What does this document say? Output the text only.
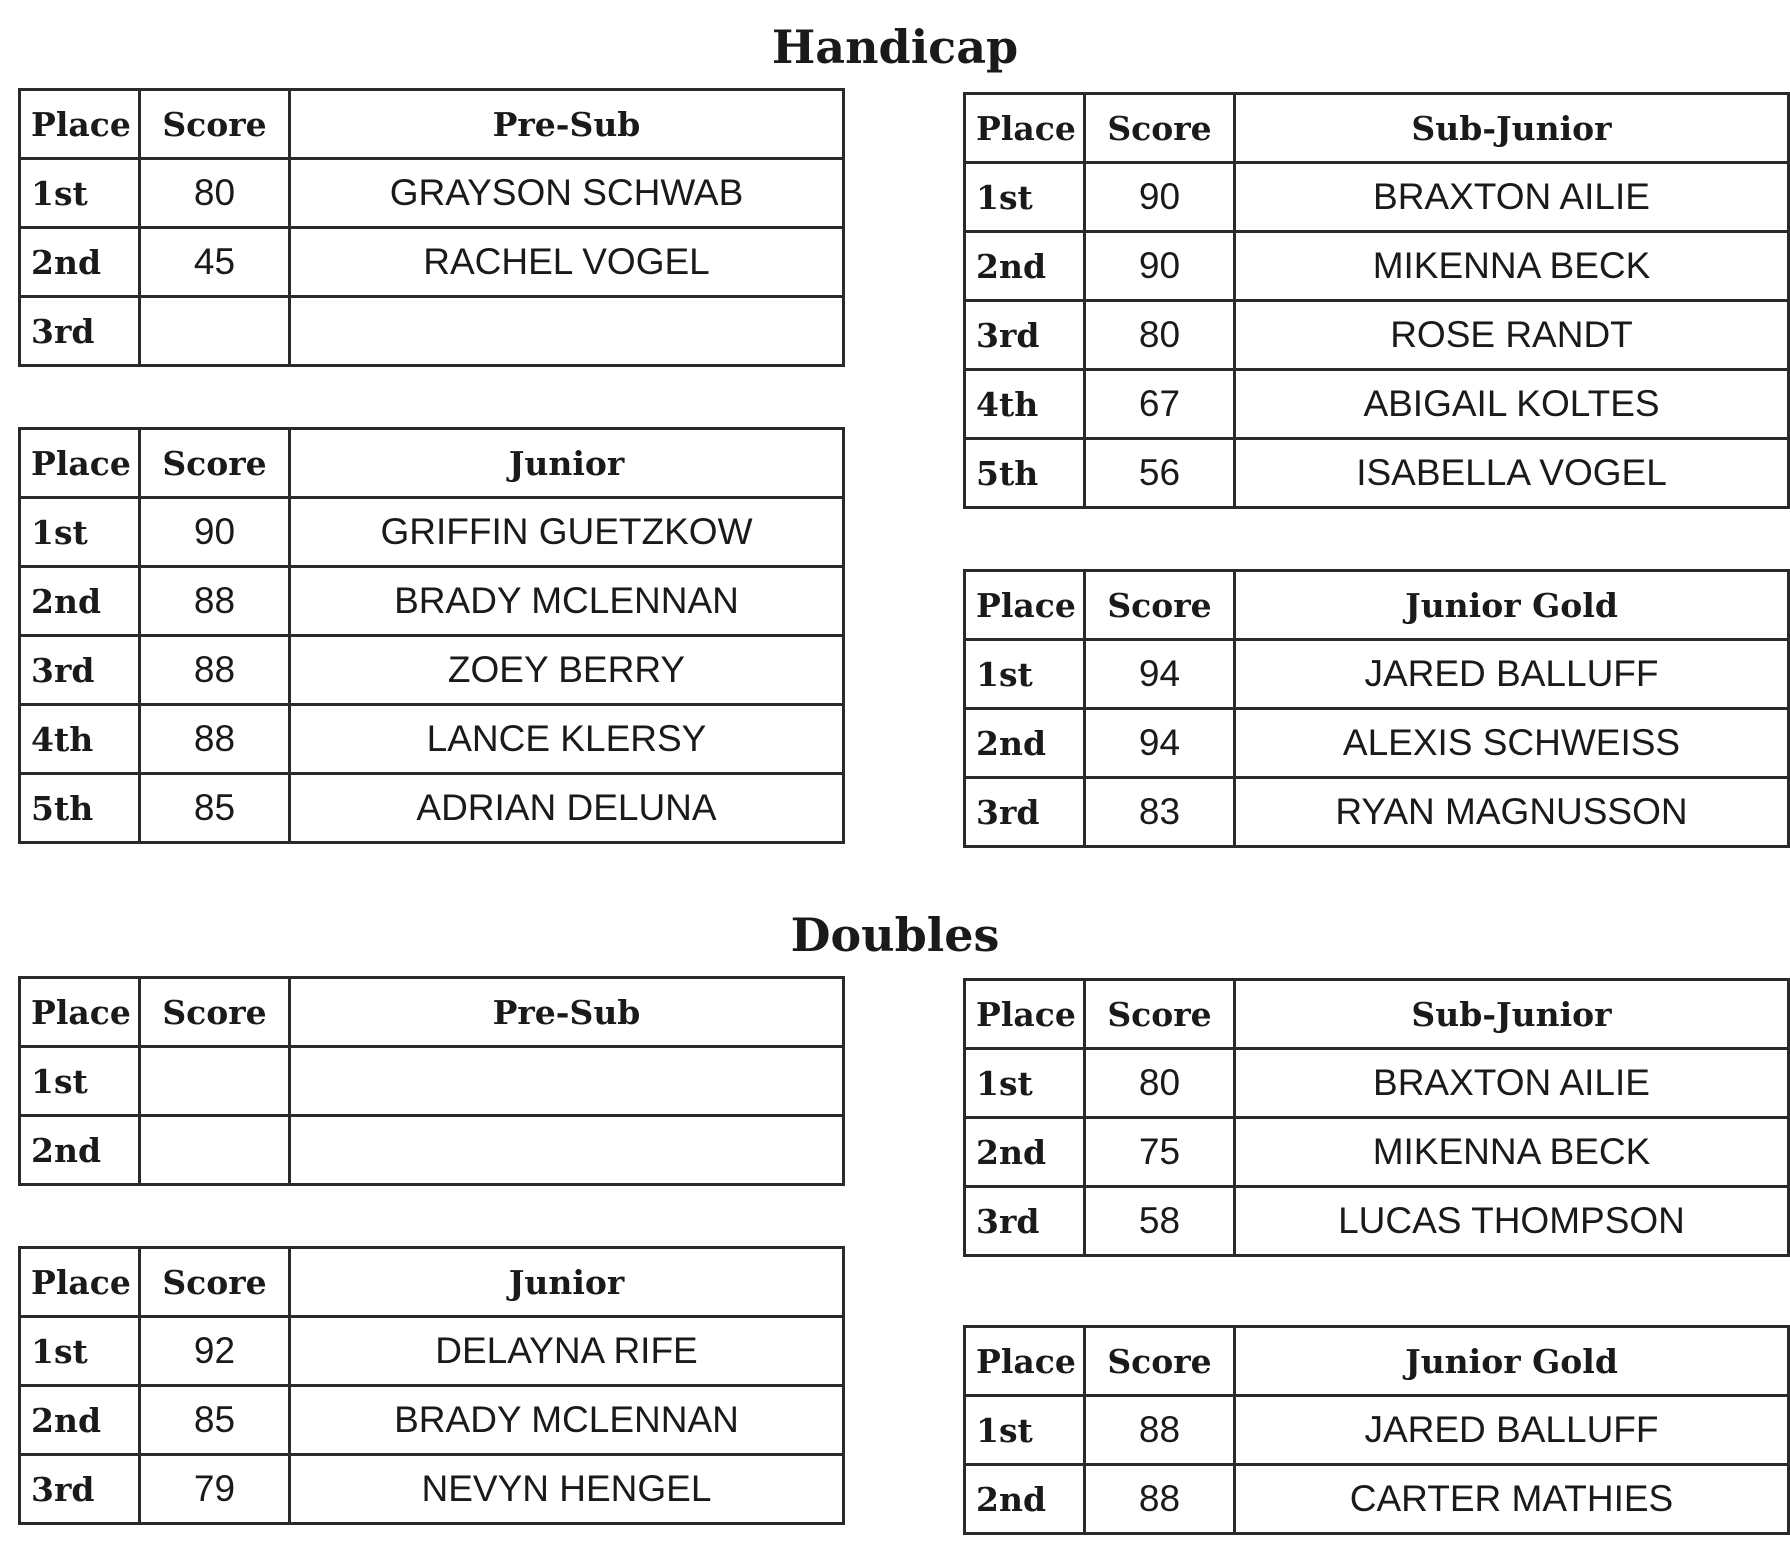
Handicap
Place	Score	Pre-Sub
1st	80	GRAYSON SCHWAB
2nd	45	RACHEL VOGEL
3rd		
Place	Score	Junior
1st	90	GRIFFIN GUETZKOW
2nd	88	BRADY MCLENNAN
3rd	88	ZOEY BERRY
4th	88	LANCE KLERSY
5th	85	ADRIAN DELUNA
Place	Score	Sub-Junior
1st	90	BRAXTON AILIE
2nd	90	MIKENNA BECK
3rd	80	ROSE RANDT
4th	67	ABIGAIL KOLTES
5th	56	ISABELLA VOGEL
Place	Score	Junior Gold
1st	94	JARED BALLUFF
2nd	94	ALEXIS SCHWEISS
3rd	83	RYAN MAGNUSSON
Doubles
Place	Score	Pre-Sub
1st		
2nd		
Place	Score	Junior
1st	92	DELAYNA RIFE
2nd	85	BRADY MCLENNAN
3rd	79	NEVYN HENGEL
Place	Score	Sub-Junior
1st	80	BRAXTON AILIE
2nd	75	MIKENNA BECK
3rd	58	LUCAS THOMPSON
Place	Score	Junior Gold
1st	88	JARED BALLUFF
2nd	88	CARTER MATHIES
